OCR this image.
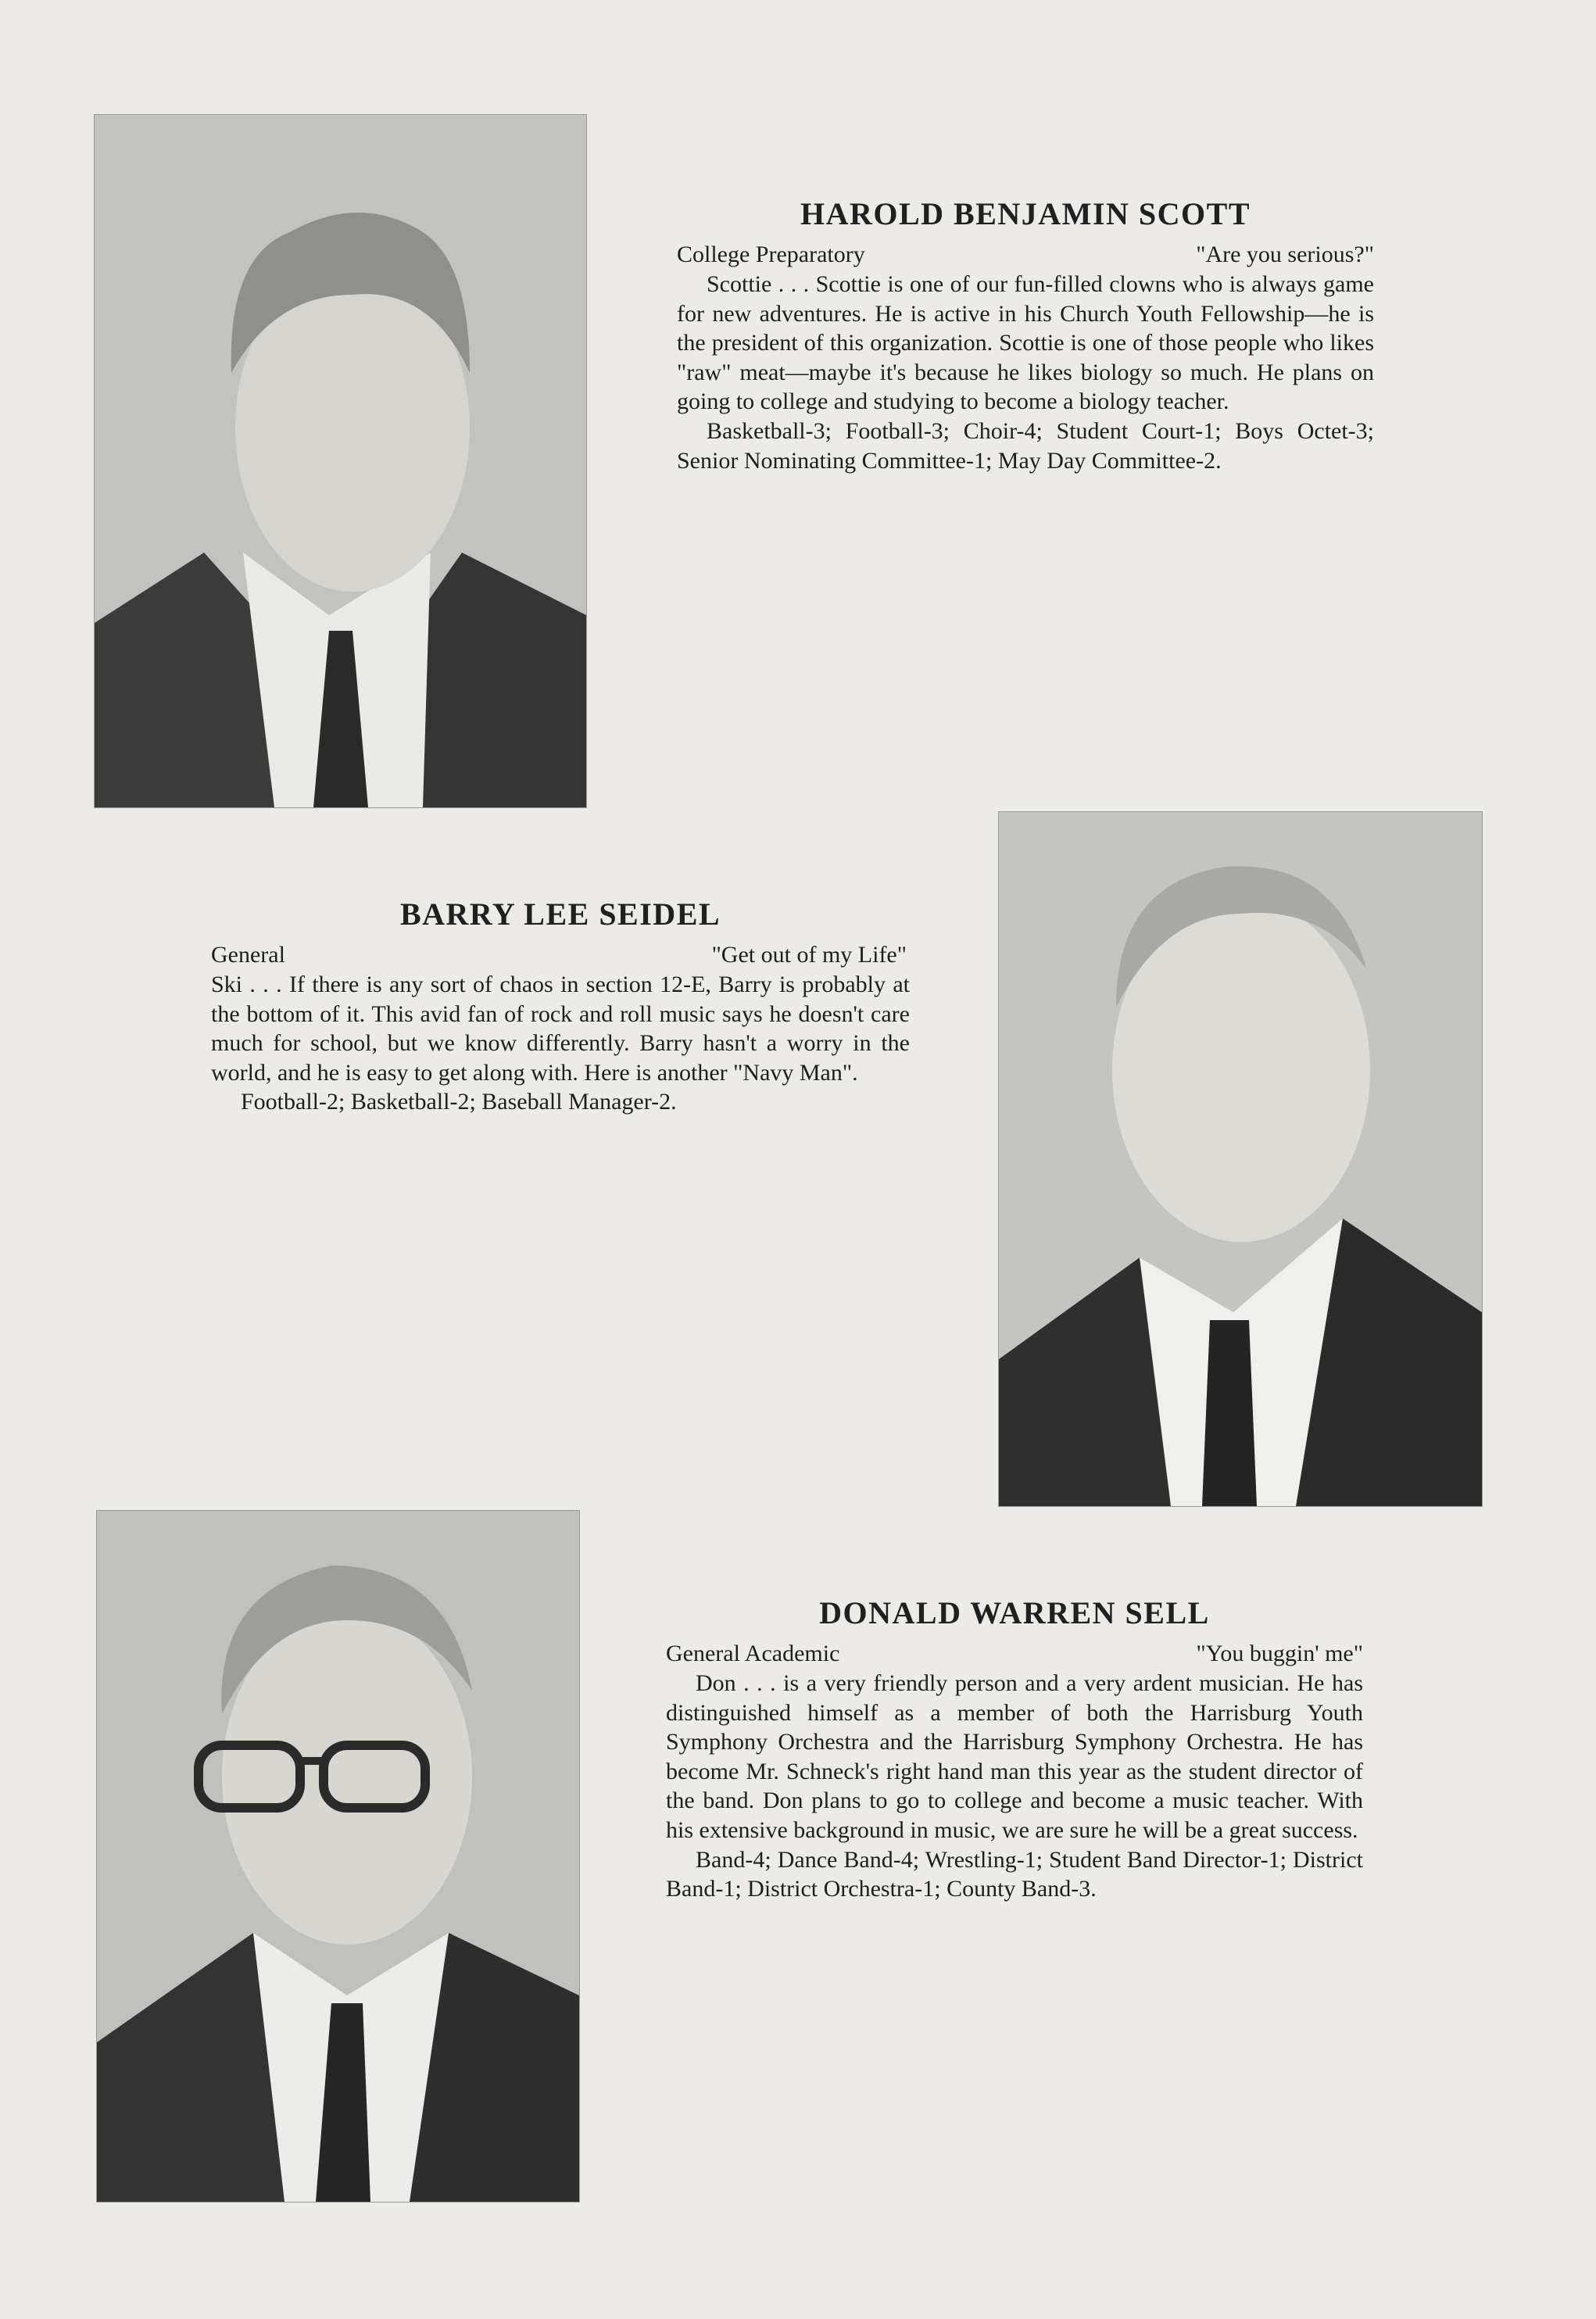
HAROLD BENJAMIN SCOTT
College Preparatory	"Are you serious?"

Scottie . . . Scottie is one of our fun-filled clowns who is always game for new adventures. He is active in his Church Youth Fellowship—he is the president of this organization. Scottie is one of those people who likes "raw" meat—maybe it's because he likes biology so much. He plans on going to college and studying to become a biology teacher.

Basketball-3; Football-3; Choir-4; Student Court-1; Boys Octet-3; Senior Nominating Committee-1; May Day Committee-2.

BARRY LEE SEIDEL
General	"Get out of my Life"

Ski . . . If there is any sort of chaos in section 12-E, Barry is probably at the bottom of it. This avid fan of rock and roll music says he doesn't care much for school, but we know differently. Barry hasn't a worry in the world, and he is easy to get along with. Here is another "Navy Man".

Football-2; Basketball-2; Baseball Manager-2.

DONALD WARREN SELL
General Academic	"You buggin' me"

Don . . . is a very friendly person and a very ardent musician. He has distinguished himself as a member of both the Harrisburg Youth Symphony Orchestra and the Harrisburg Symphony Orchestra. He has become Mr. Schneck's right hand man this year as the student director of the band. Don plans to go to college and become a music teacher. With his extensive background in music, we are sure he will be a great success.

Band-4; Dance Band-4; Wrestling-1; Student Band Director-1; District Band-1; District Orchestra-1; County Band-3.
